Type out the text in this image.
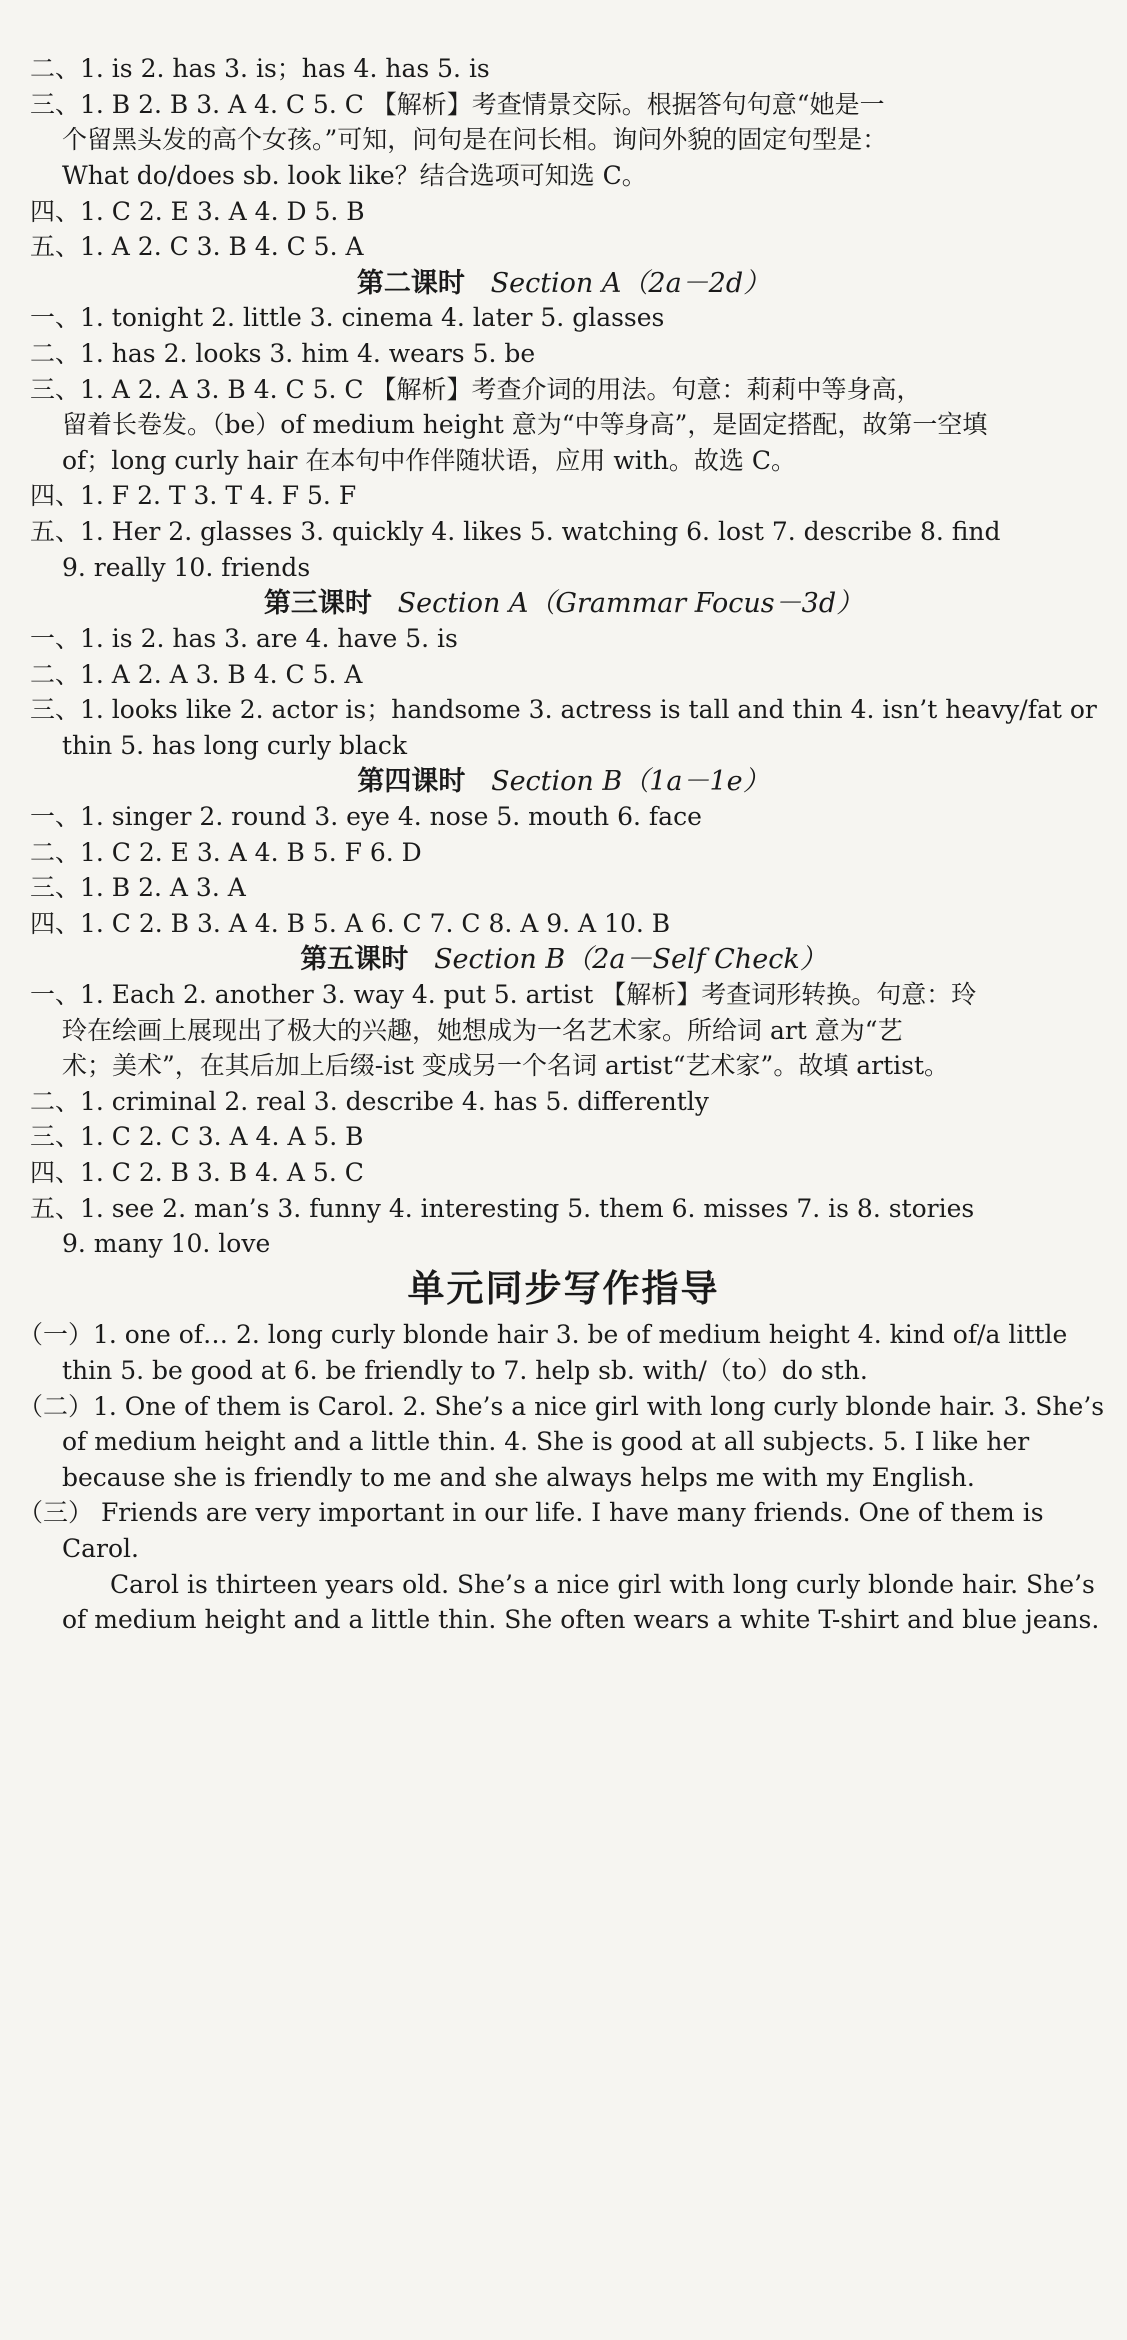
二、1. is 2. has 3. is；has 4. has 5. is
三、1. B 2. B 3. A 4. C 5. C 【解析】考查情景交际。根据答句句意“她是一
个留黑头发的高个女孩。”可知，问句是在问长相。询问外貌的固定句型是：
What do/does sb. look like？结合选项可知选 C。
四、1. C 2. E 3. A 4. D 5. B
五、1. A 2. C 3. B 4. C 5. A
第二课时 Section A（2a－2d）
一、1. tonight 2. little 3. cinema 4. later 5. glasses
二、1. has 2. looks 3. him 4. wears 5. be
三、1. A 2. A 3. B 4. C 5. C 【解析】考查介词的用法。句意：莉莉中等身高，
留着长卷发。（be）of medium height 意为“中等身高”，是固定搭配，故第一空填
of；long curly hair 在本句中作伴随状语，应用 with。故选 C。
四、1. F 2. T 3. T 4. F 5. F
五、1. Her 2. glasses 3. quickly 4. likes 5. watching 6. lost 7. describe 8. find
9. really 10. friends
第三课时 Section A（Grammar Focus－3d）
一、1. is 2. has 3. are 4. have 5. is
二、1. A 2. A 3. B 4. C 5. A
三、1. looks like 2. actor is；handsome 3. actress is tall and thin 4. isn’t heavy/fat or
thin 5. has long curly black
第四课时 Section B（1a－1e）
一、1. singer 2. round 3. eye 4. nose 5. mouth 6. face
二、1. C 2. E 3. A 4. B 5. F 6. D
三、1. B 2. A 3. A
四、1. C 2. B 3. A 4. B 5. A 6. C 7. C 8. A 9. A 10. B
第五课时 Section B（2a－Self Check）
一、1. Each 2. another 3. way 4. put 5. artist 【解析】考查词形转换。句意：玲
玲在绘画上展现出了极大的兴趣，她想成为一名艺术家。所给词 art 意为“艺
术；美术”，在其后加上后缀-ist 变成另一个名词 artist“艺术家”。故填 artist。
二、1. criminal 2. real 3. describe 4. has 5. differently
三、1. C 2. C 3. A 4. A 5. B
四、1. C 2. B 3. B 4. A 5. C
五、1. see 2. man’s 3. funny 4. interesting 5. them 6. misses 7. is 8. stories
9. many 10. love
单元同步写作指导
（一）1. one of… 2. long curly blonde hair 3. be of medium height 4. kind of/a little
thin 5. be good at 6. be friendly to 7. help sb. with/（to）do sth.
（二）1. One of them is Carol. 2. She’s a nice girl with long curly blonde hair. 3. She’s
of medium height and a little thin. 4. She is good at all subjects. 5. I like her
because she is friendly to me and she always helps me with my English.
（三） Friends are very important in our life. I have many friends. One of them is
Carol.
Carol is thirteen years old. She’s a nice girl with long curly blonde hair. She’s
of medium height and a little thin. She often wears a white T-shirt and blue jeans.
